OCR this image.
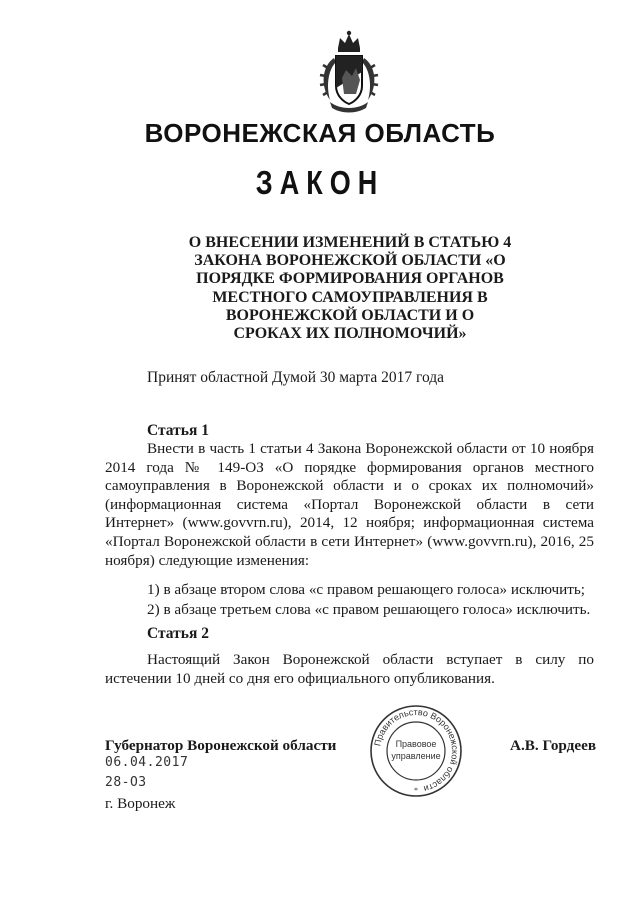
ВОРОНЕЖСКАЯ ОБЛАСТЬ
ЗАКОН
О ВНЕСЕНИИ ИЗМЕНЕНИЙ В СТАТЬЮ 4
ЗАКОНА ВОРОНЕЖСКОЙ ОБЛАСТИ «О
ПОРЯДКЕ ФОРМИРОВАНИЯ ОРГАНОВ
МЕСТНОГО САМОУПРАВЛЕНИЯ В
ВОРОНЕЖСКОЙ ОБЛАСТИ И О
СРОКАХ ИХ ПОЛНОМОЧИЙ»
Принят областной Думой 30 марта 2017 года
Статья 1

Внести в часть 1 статьи 4 Закона Воронежской области от 10 ноября 2014 года № 149-ОЗ «О порядке формирования органов местного самоуправления в Воронежской области и о сроках их полномочий» (информационная система «Портал Воронежской области в сети Интернет» (www.govvrn.ru), 2014, 12 ноября; информационная система «Портал Воронежской области в сети Интернет» (www.govvrn.ru), 2016, 25 ноября) следующие изменения:

1) в абзаце втором слова «с правом решающего голоса» исключить;
2) в абзаце третьем слова «с правом решающего голоса» исключить.
Статья 2

Настоящий Закон Воронежской области вступает в силу по истечении 10 дней со дня его официального опубликования.

Губернатор Воронежской области	А.В. Гордеев
06.04.2017
28-ОЗ
г. Воронеж
Правительство Воронежской области
Правовое
управление
*
